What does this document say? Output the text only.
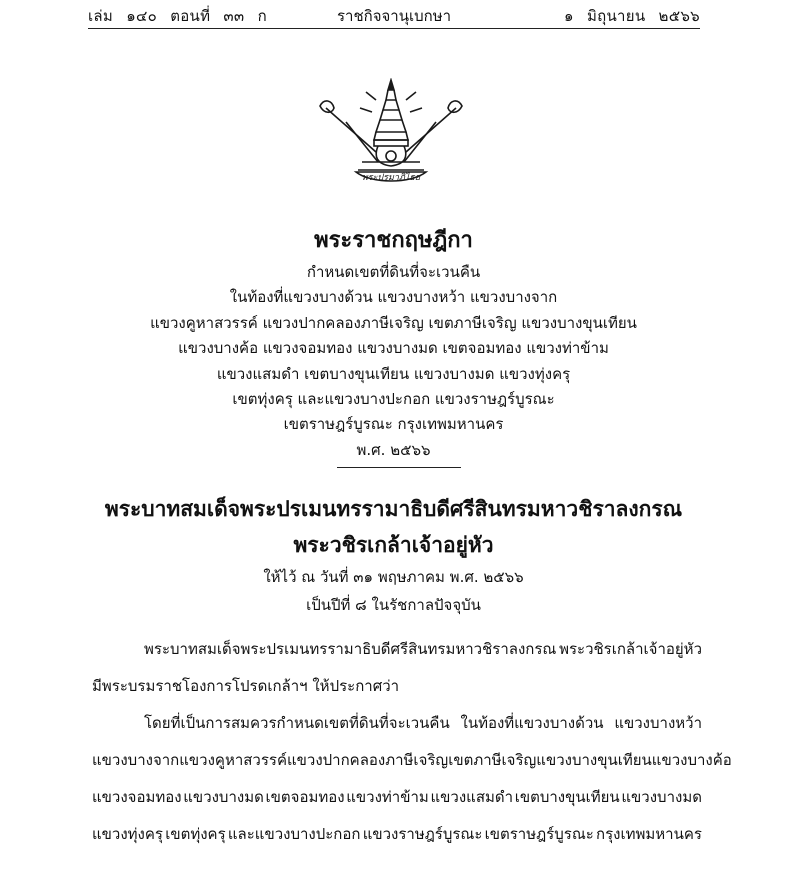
เล่ม ๑๔๐ ตอนที่ ๓๓ ก	ราชกิจจานุเบกษา	๑ มิถุนายน ๒๕๖๖
พระปรมาภิไธย
พระราชกฤษฎีกา
กำหนดเขตที่ดินที่จะเวนคืน
ในท้องที่แขวงบางด้วน แขวงบางหว้า แขวงบางจาก
แขวงคูหาสวรรค์ แขวงปากคลองภาษีเจริญ เขตภาษีเจริญ แขวงบางขุนเทียน
แขวงบางค้อ แขวงจอมทอง แขวงบางมด เขตจอมทอง แขวงท่าข้าม
แขวงแสมดำ เขตบางขุนเทียน แขวงบางมด แขวงทุ่งครุ
เขตทุ่งครุ และแขวงบางปะกอก แขวงราษฎร์บูรณะ
เขตราษฎร์บูรณะ กรุงเทพมหานคร
พ.ศ. ๒๕๖๖
พระบาทสมเด็จพระปรเมนทรรามาธิบดีศรีสินทรมหาวชิราลงกรณ
พระวชิรเกล้าเจ้าอยู่หัว
ให้ไว้ ณ วันที่ ๓๑ พฤษภาคม พ.ศ. ๒๕๖๖
เป็นปีที่ ๘ ในรัชกาลปัจจุบัน
พระบาทสมเด็จพระปรเมนทรรามาธิบดีศรีสินทรมหาวชิราลงกรณ พระวชิรเกล้าเจ้าอยู่หัว
มีพระบรมราชโองการโปรดเกล้าฯ ให้ประกาศว่า
โดยที่เป็นการสมควรกำหนดเขตที่ดินที่จะเวนคืน ในท้องที่แขวงบางด้วน แขวงบางหว้า
แขวงบางจาก แขวงคูหาสวรรค์ แขวงปากคลองภาษีเจริญ เขตภาษีเจริญ แขวงบางขุนเทียน แขวงบางค้อ
แขวงจอมทอง แขวงบางมด เขตจอมทอง แขวงท่าข้าม แขวงแสมดำ เขตบางขุนเทียน แขวงบางมด
แขวงทุ่งครุ เขตทุ่งครุ และแขวงบางปะกอก แขวงราษฎร์บูรณะ เขตราษฎร์บูรณะ กรุงเทพมหานคร
